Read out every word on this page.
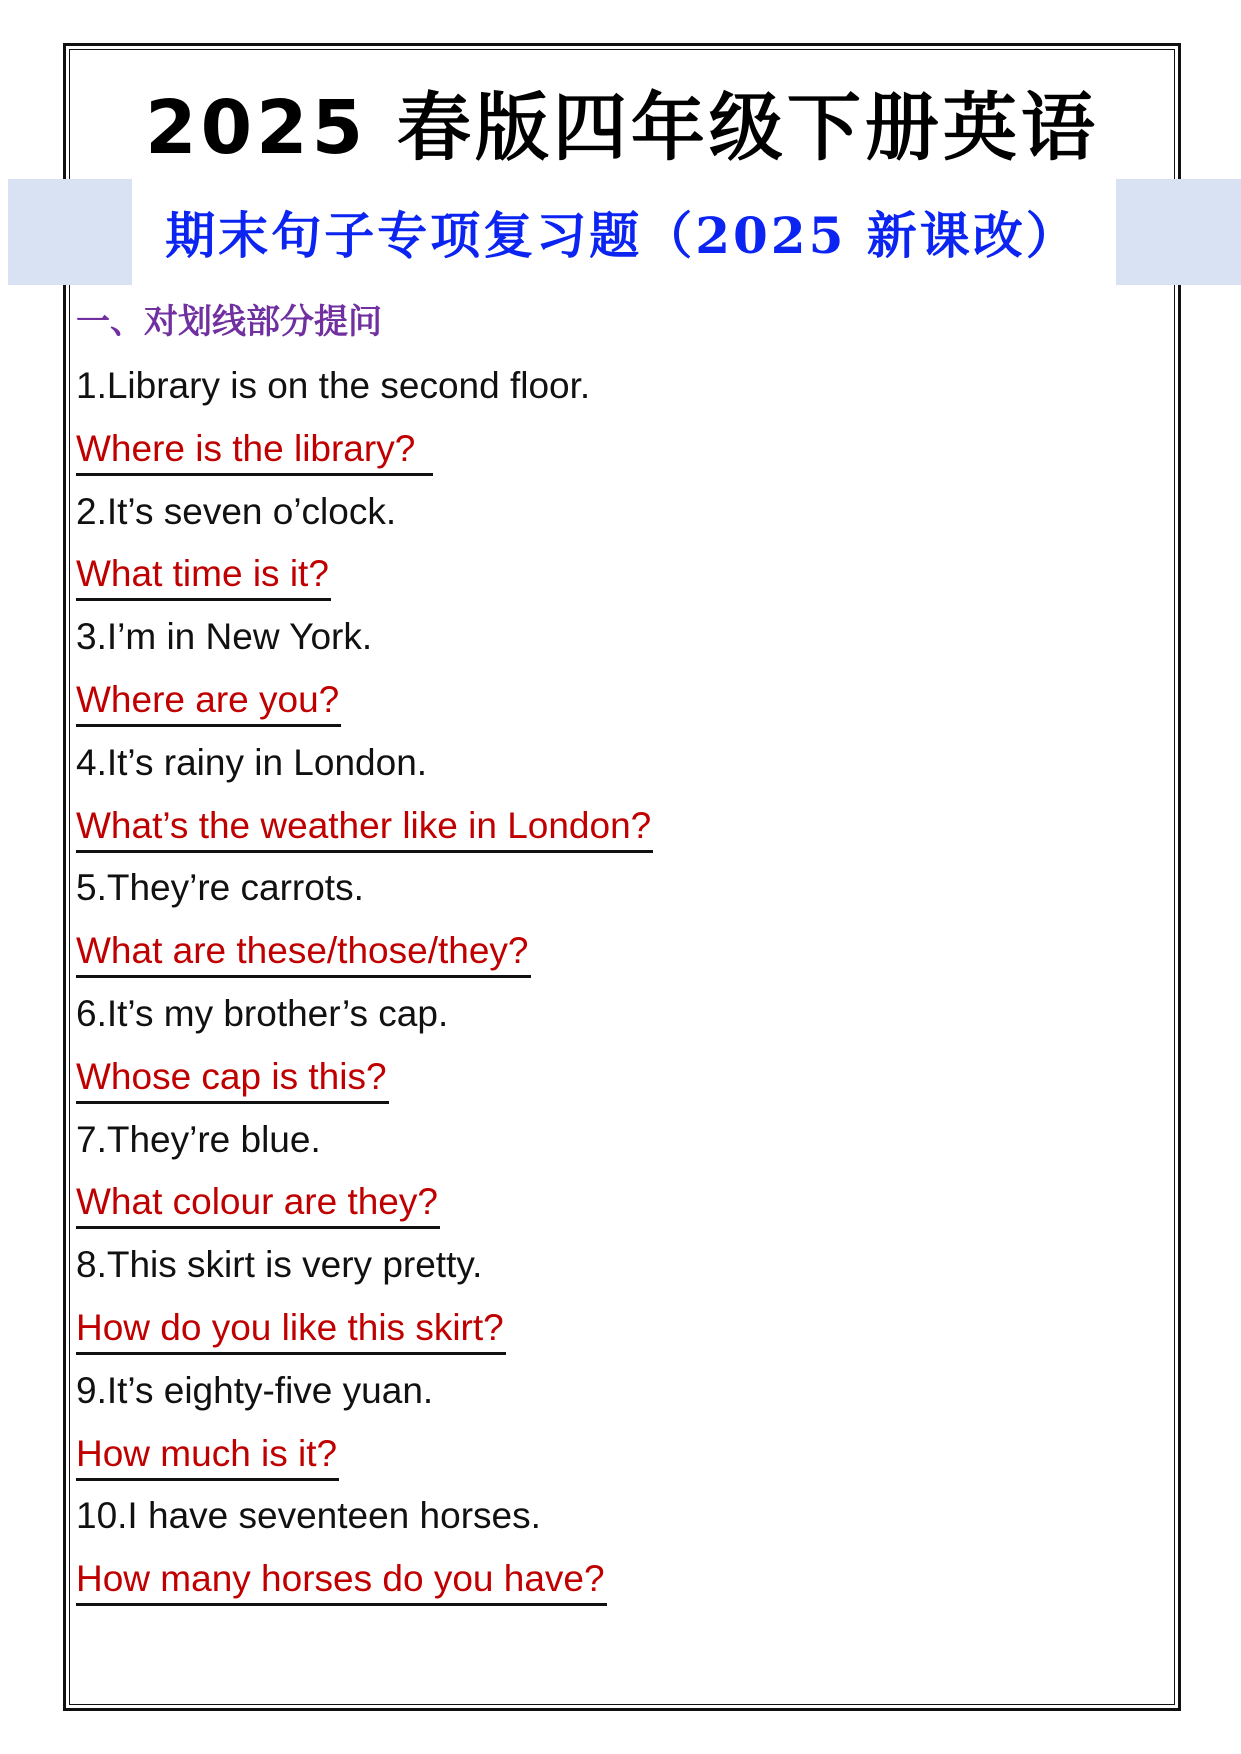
2025 春版四年级下册英语
期末句子专项复习题（2025 新课改）
一、对划线部分提问
1.Library is on the second floor.
Where is the library?
2.It’s seven o’clock.
What time is it?
3.I’m in New York.
Where are you?
4.It’s rainy in London.
What’s the weather like in London?
5.They’re carrots.
What are these/those/they?
6.It’s my brother’s cap.
Whose cap is this?
7.They’re blue.
What colour are they?
8.This skirt is very pretty.
How do you like this skirt?
9.It’s eighty-five yuan.
How much is it?
10.I have seventeen horses.
How many horses do you have?
